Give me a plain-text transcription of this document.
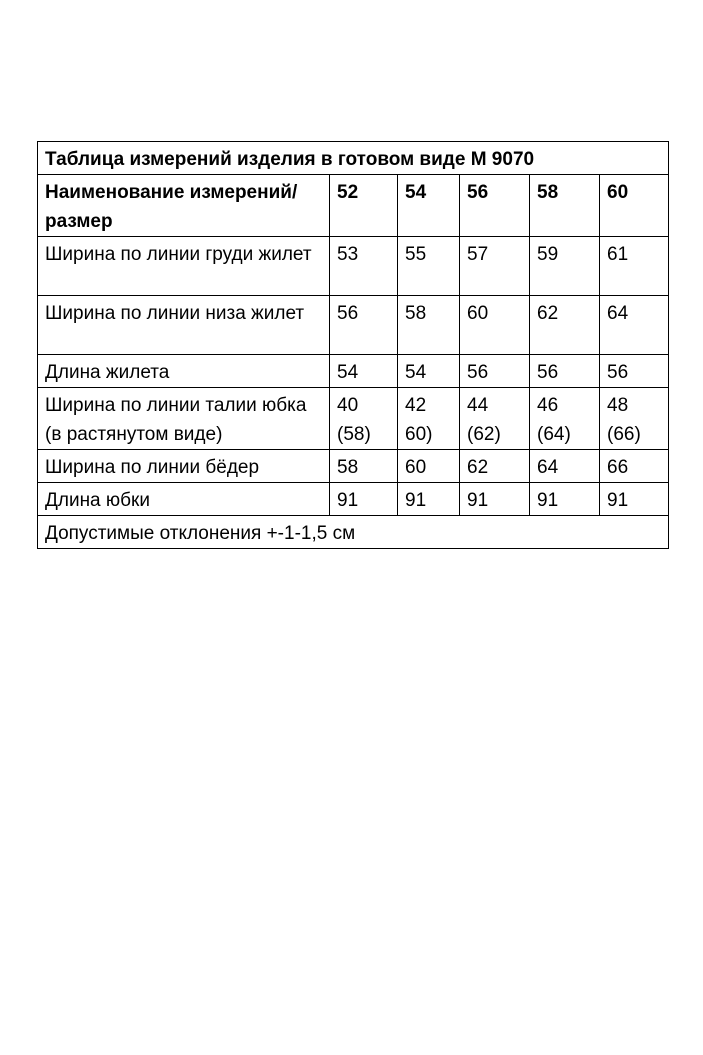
Таблица измерений изделия в готовом виде М 9070					
Наименование измерений/размер	52	54	56	58	60
Ширина по линии груди жилет	53	55	57	59	61
Ширина по линии низа жилет	56	58	60	62	64
Длина жилета	54	54	56	56	56
Ширина по линии талии юбка (в растянутом виде)	40 (58)	42 60)	44 (62)	46 (64)	48 (66)
Ширина по линии бёдер	58	60	62	64	66
Длина юбки	91	91	91	91	91
Допустимые отклонения +-1-1,5 см					
